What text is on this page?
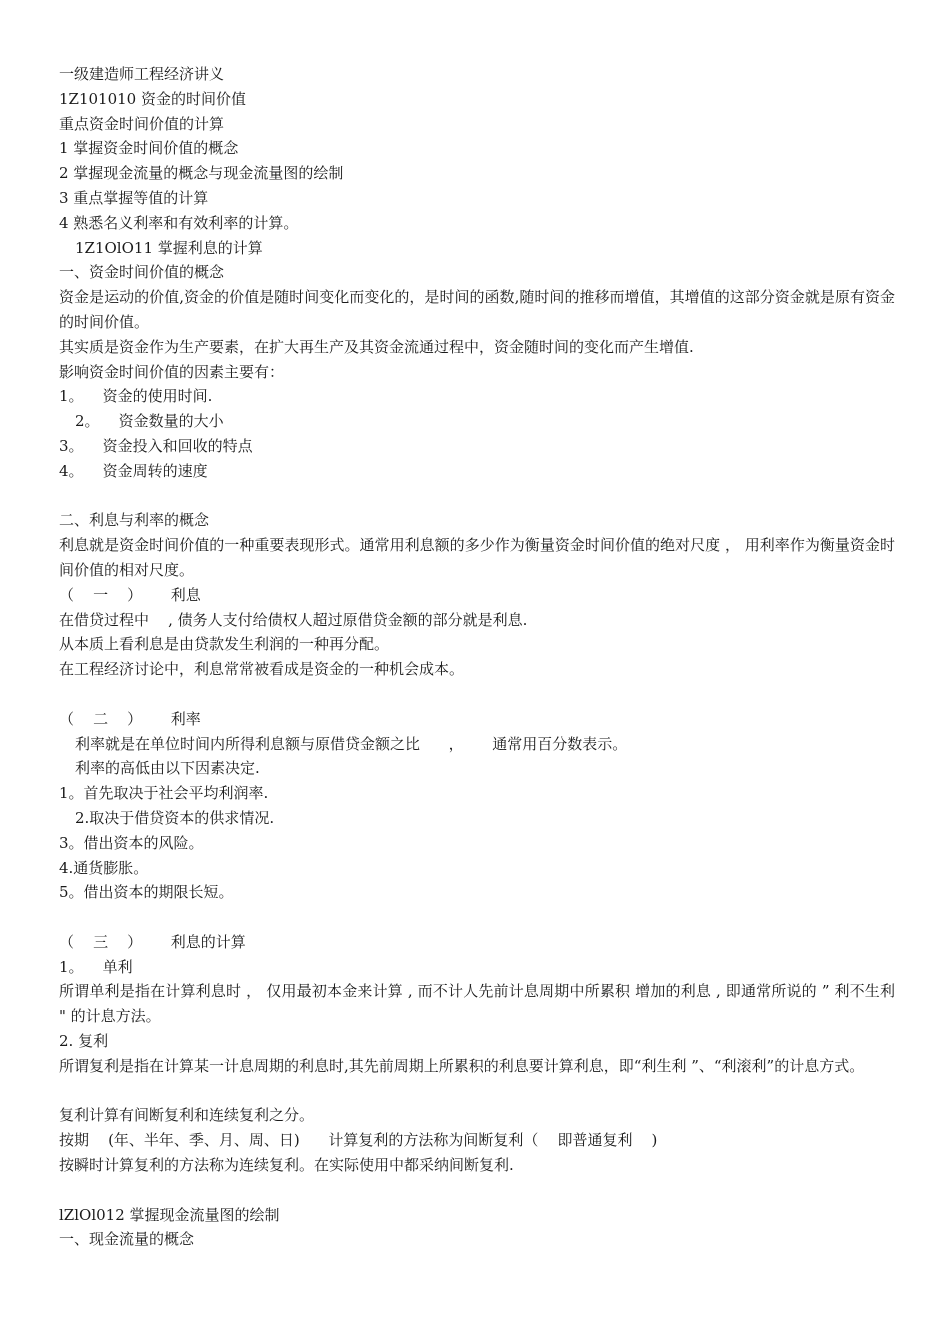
一级建造师工程经济讲义

1Z101010 资金的时间价值

重点资金时间价值的计算

1 掌握资金时间价值的概念

2 掌握现金流量的概念与现金流量图的绘制

3 重点掌握等值的计算

4 熟悉名义利率和有效利率的计算。

1Z1OlO11 掌握利息的计算

一、资金时间价值的概念

资金是运动的价值,资金的价值是随时间变化而变化的，是时间的函数,随时间的推移而增值，其增值的这部分资金就是原有资金的时间价值。

其实质是资金作为生产要素，在扩大再生产及其资金流通过程中，资金随时间的变化而产生增值.

影响资金时间价值的因素主要有：

1。    资金的使用时间.

2。    资金数量的大小

3。    资金投入和回收的特点

4。    资金周转的速度

二、利息与利率的概念

利息就是资金时间价值的一种重要表现形式。通常用利息额的多少作为衡量资金时间价值的绝对尺度 ， 用利率作为衡量资金时间价值的相对尺度。

（    一    ）      利息

在借贷过程中    , 债务人支付给债权人超过原借贷金额的部分就是利息.

从本质上看利息是由贷款发生利润的一种再分配。

在工程经济讨论中，利息常常被看成是资金的一种机会成本。

（    二    ）      利率

利率就是在单位时间内所得利息额与原借贷金额之比      ，      通常用百分数表示。

利率的高低由以下因素决定.

1。首先取决于社会平均利润率.

2.取决于借贷资本的供求情况.

3。借出资本的风险。

4.通货膨胀。

5。借出资本的期限长短。

（    三    ）      利息的计算

1。    单利

所谓单利是指在计算利息时 ， 仅用最初本金来计算 , 而不计人先前计息周期中所累积 增加的利息 , 即通常所说的 ” 利不生利 " 的计息方法。

2. 复利

所谓复利是指在计算某一计息周期的利息时,其先前周期上所累积的利息要计算利息，即“利生利 ”、“利滚利”的计息方式。

复利计算有间断复利和连续复利之分。

按期    (年、半年、季、月、周、日)      计算复利的方法称为间断复利（    即普通复利    )

按瞬时计算复利的方法称为连续复利。在实际使用中都采纳间断复利.

lZlOl012 掌握现金流量图的绘制

一、现金流量的概念
